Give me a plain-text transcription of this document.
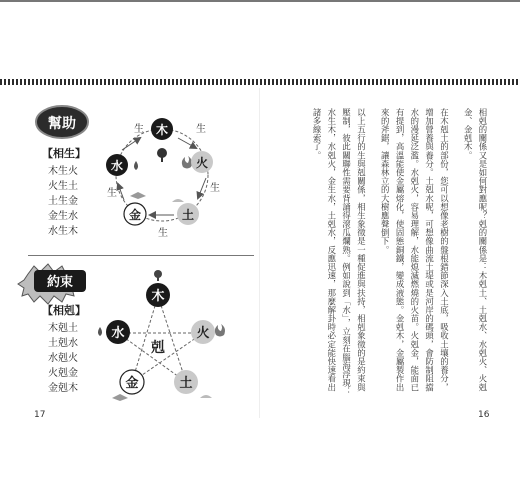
幫助	生	生
生
生
生
木
火
土
金
水
約束
剋
木
火
土
金
水
【相生】
木生火
火生土
土生金
金生水
水生木
【相剋】
木剋土
土剋水
水剋火
火剋金
金剋木
17

相剋的關係又是如何對應呢？剋的關係是：木剋土、土剋水、水剋火、火剋金、金剋木。

在木剋土的部份，您可以想像老樹的盤根錯節深入土底，吸收土壤的養分，增加營養與養分。土剋水呢，可想像曲流土堤或是河岸的碼頭，會防制阻擋水的漫延泛濫。水剋火，容易理解，水能熄滅燃燒的火苗。火剋金，能面已有提到，高溫能使金屬熔化，使固態銅鐵，變成液態。金剋木，金屬製作出來的斧鋸，讓森林立的大樹應聲倒下。

以上五行的生與剋關係，相生象徵是一種促進與扶持，相剋象徵的是約束與壓制，彼此關聯性需要背誦得滾瓜爛熟。例如說到「水」，立刻在腦海浮現：水生木，水剋火，金生水，土剋水，反應迅速，那麼解卦時必定能快速看出諸多線索了。

16
